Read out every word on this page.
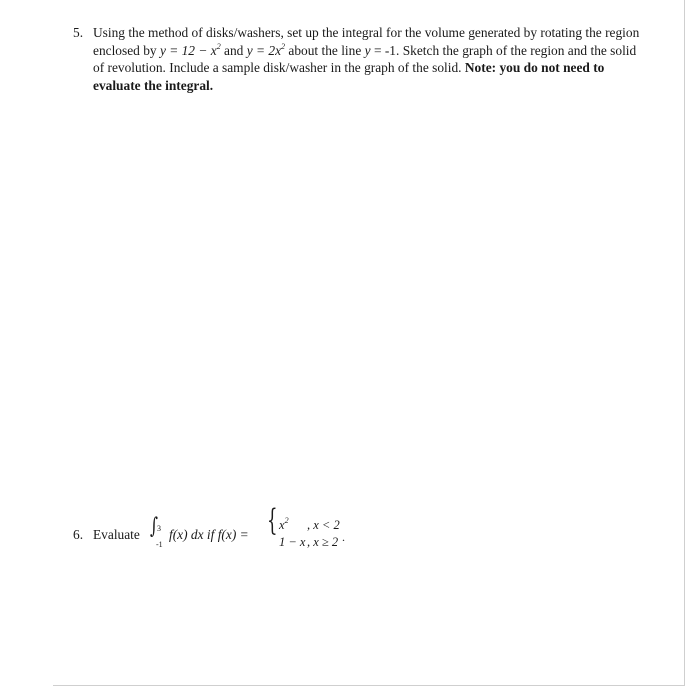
5. Using the method of disks/washers, set up the integral for the volume generated by rotating the region
enclosed by $y = 12 - x^2$ and $y = 2x^2$ about the line y = -1. Sketch the graph of the region and the solid
of revolution. Include a sample disk/washer in the graph of the solid. Note: you do not need to
evaluate the integral.
6. Evaluate ∫
3
-1
f(x) dx if f(x) = { $x^2$ , x < 2
1 − x , x ≥ 2 .
